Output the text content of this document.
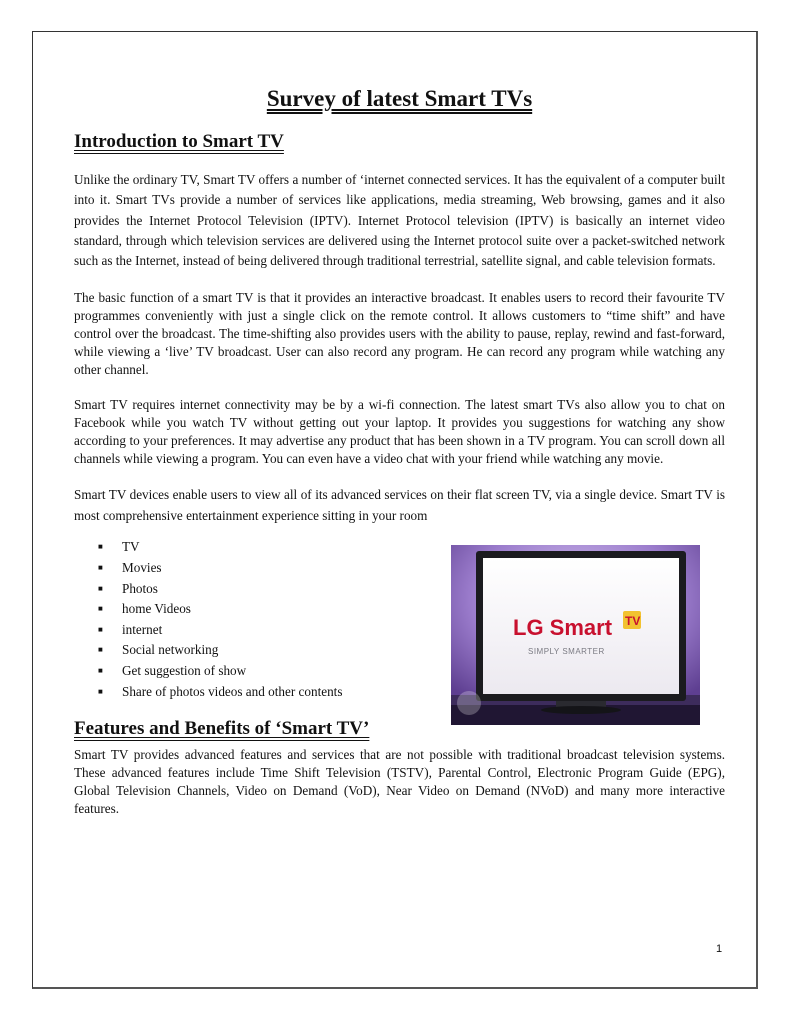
Survey of latest Smart TVs
Introduction to Smart TV

Unlike the ordinary TV, Smart TV offers a number of ‘internet connected services. It has the equivalent of a computer built into it. Smart TVs provide a number of services like applications, media streaming, Web browsing, games and it also provides the Internet Protocol Television (IPTV). Internet Protocol television (IPTV) is basically an internet video standard, through which television services are delivered using the Internet protocol suite over a packet-switched network such as the Internet, instead of being delivered through traditional terrestrial, satellite signal, and cable television formats.

The basic function of a smart TV is that it provides an interactive broadcast. It enables users to record their favourite TV programmes conveniently with just a single click on the remote control. It allows customers to “time shift” and have control over the broadcast. The time-shifting also provides users with the ability to pause, replay, rewind and fast-forward, while viewing a ‘live’ TV broadcast. User can also record any program. He can record any program while watching any other channel.

Smart TV requires internet connectivity may be by a wi-fi connection. The latest smart TVs also allow you to chat on Facebook while you watch TV without getting out your laptop. It provides you suggestions for watching any show according to your preferences. It may advertise any product that has been shown in a TV program. You can scroll down all channels while viewing a program. You can even have a video chat with your friend while watching any movie.

Smart TV devices enable users to view all of its advanced services on their flat screen TV, via a single device. Smart TV is most comprehensive entertainment experience sitting in your room

■ TV
■ Movies
■ Photos
■ home Videos
■ internet
■ Social networking
■ Get suggestion of show
■ Share of photos videos and other contents
LG Smart TV
SIMPLY SMARTER
Features and Benefits of ‘Smart TV’

Smart TV provides advanced features and services that are not possible with traditional broadcast television systems. These advanced features include Time Shift Television (TSTV), Parental Control, Electronic Program Guide (EPG), Global Television Channels, Video on Demand (VoD), Near Video on Demand (NVoD) and many more interactive features.

1
